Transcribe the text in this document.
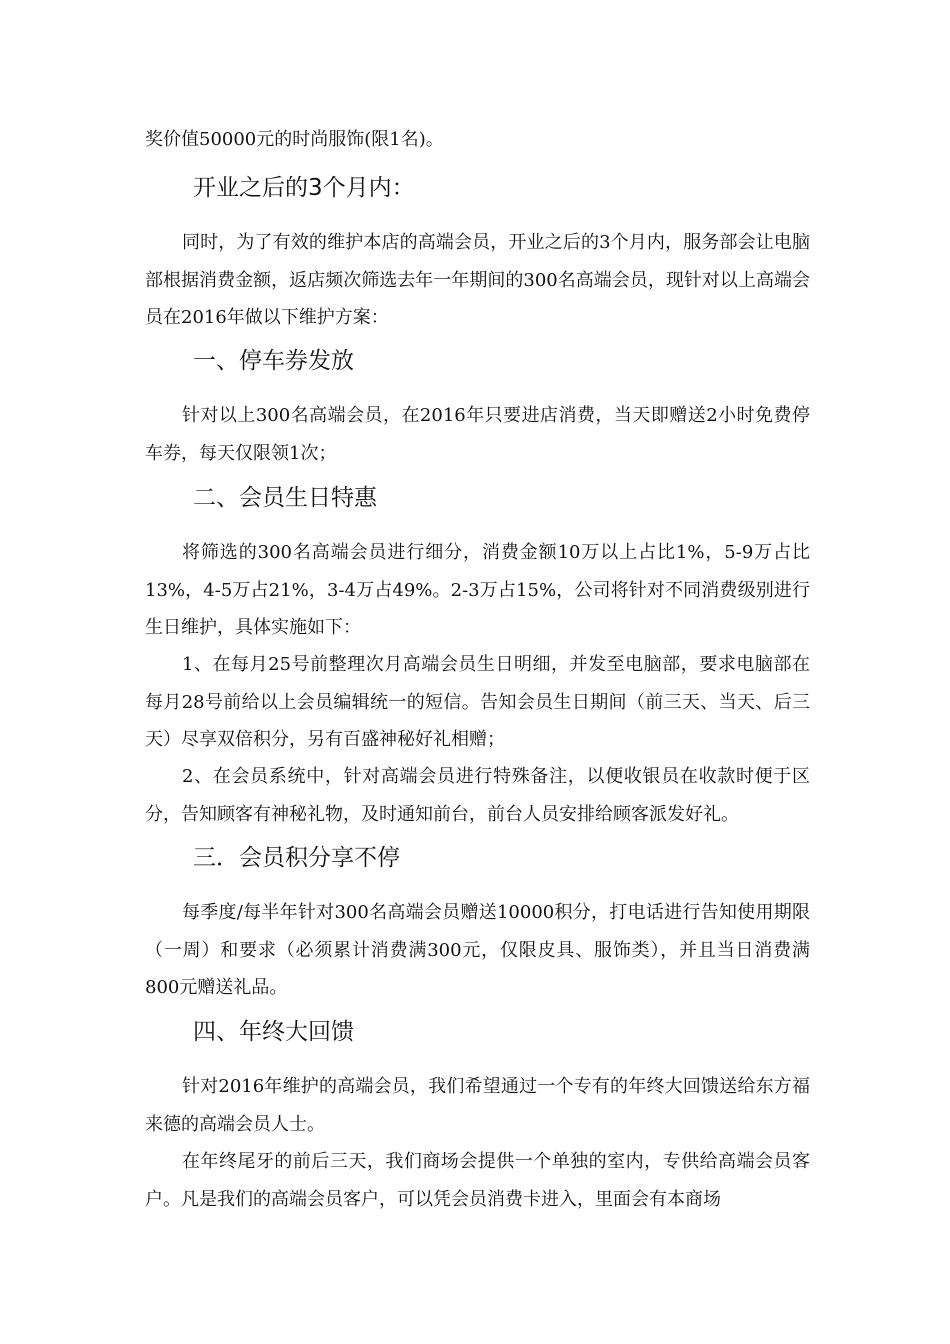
奖价值50000元的时尚服饰(限1名)。

开业之后的3个月内：

同时，为了有效的维护本店的高端会员，开业之后的3个月内，服务部会让电脑部根据消费金额，返店频次筛选去年一年期间的300名高端会员，现针对以上高端会员在2016年做以下维护方案：

一、停车券发放

针对以上300名高端会员，在2016年只要进店消费，当天即赠送2小时免费停车券，每天仅限领1次；

二、会员生日特惠

将筛选的300名高端会员进行细分，消费金额10万以上占比1%，5-9万占比13%，4-5万占21%，3-4万占49%。2-3万占15%，公司将针对不同消费级别进行生日维护，具体实施如下：

1、在每月25号前整理次月高端会员生日明细，并发至电脑部，要求电脑部在每月28号前给以上会员编辑统一的短信。告知会员生日期间（前三天、当天、后三天）尽享双倍积分，另有百盛神秘好礼相赠；

2、在会员系统中，针对高端会员进行特殊备注，以便收银员在收款时便于区分，告知顾客有神秘礼物，及时通知前台，前台人员安排给顾客派发好礼。

三．会员积分享不停

每季度/每半年针对300名高端会员赠送10000积分，打电话进行告知使用期限（一周）和要求（必须累计消费满300元，仅限皮具、服饰类），并且当日消费满800元赠送礼品。

四、年终大回馈

针对2016年维护的高端会员，我们希望通过一个专有的年终大回馈送给东方福来德的高端会员人士。

在年终尾牙的前后三天，我们商场会提供一个单独的室内，专供给高端会员客户。凡是我们的高端会员客户，可以凭会员消费卡进入，里面会有本商场
